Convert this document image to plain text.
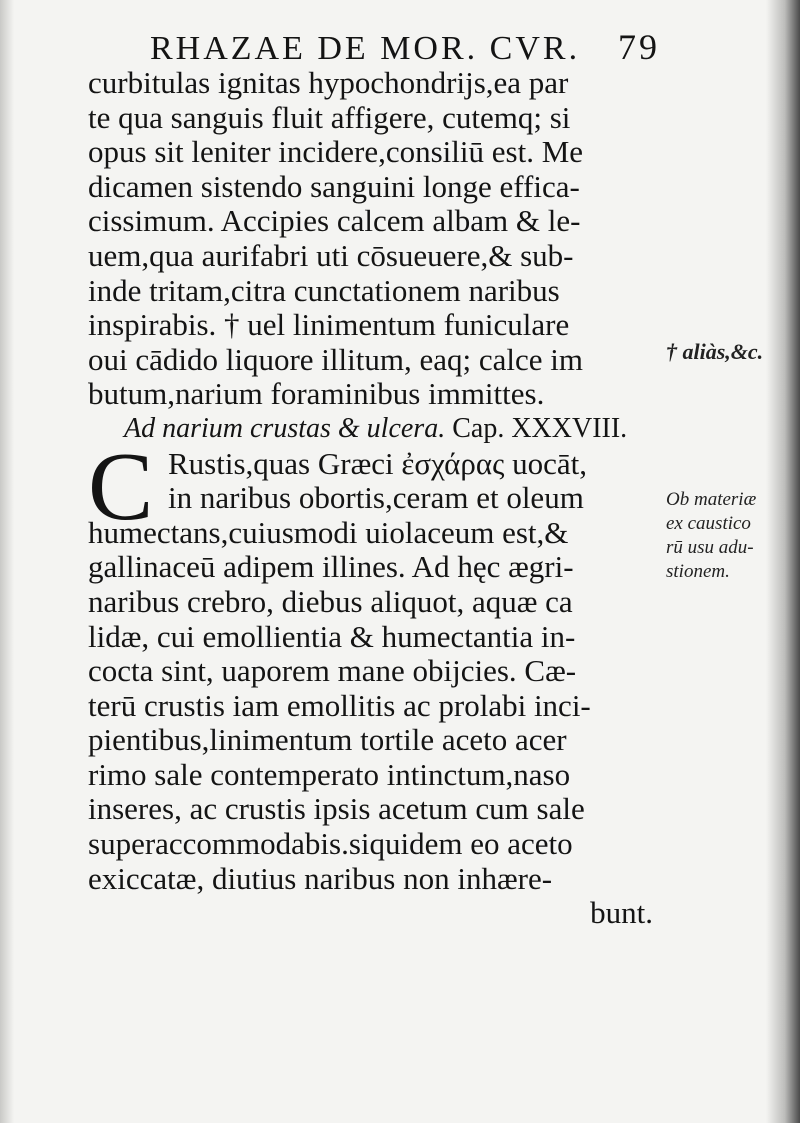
RHAZAE DE MOR. CVR. 79
curbitulas ignitas hypochondrijs,ea par
te qua sanguis fluit affigere, cutemq; si
opus sit leniter incidere,consiliū est. Me
dicamen sistendo sanguini longe effica-
cissimum. Accipies calcem albam & le-
uem,qua aurifabri uti cōsueuere,& sub-
inde tritam,citra cunctationem naribus
inspirabis. † uel linimentum funiculare
oui cādido liquore illitum, eaq; calce im
butum,narium foraminibus immittes.
Ad narium crustas & ulcera. Cap. XXXVIII.
C Rustis,quas Græci ἐσχάρας uocāt,
in naribus obortis,ceram et oleum
humectans,cuiusmodi uiolaceum est,&
gallinaceū adipem illines. Ad hęc ægri-
naribus crebro, diebus aliquot, aquæ ca
lidæ, cui emollientia & humectantia in-
cocta sint, uaporem mane obijcies. Cæ-
terū crustis iam emollitis ac prolabi inci-
pientibus,linimentum tortile aceto acer
rimo sale contemperato intinctum,naso
inseres, ac crustis ipsis acetum cum sale
superaccommodabis.siquidem eo aceto
exiccatæ, diutius naribus non inhære-
bunt.
† aliàs,&c.
Ob materiæ
ex caustico
rū usu adu-
stionem.
